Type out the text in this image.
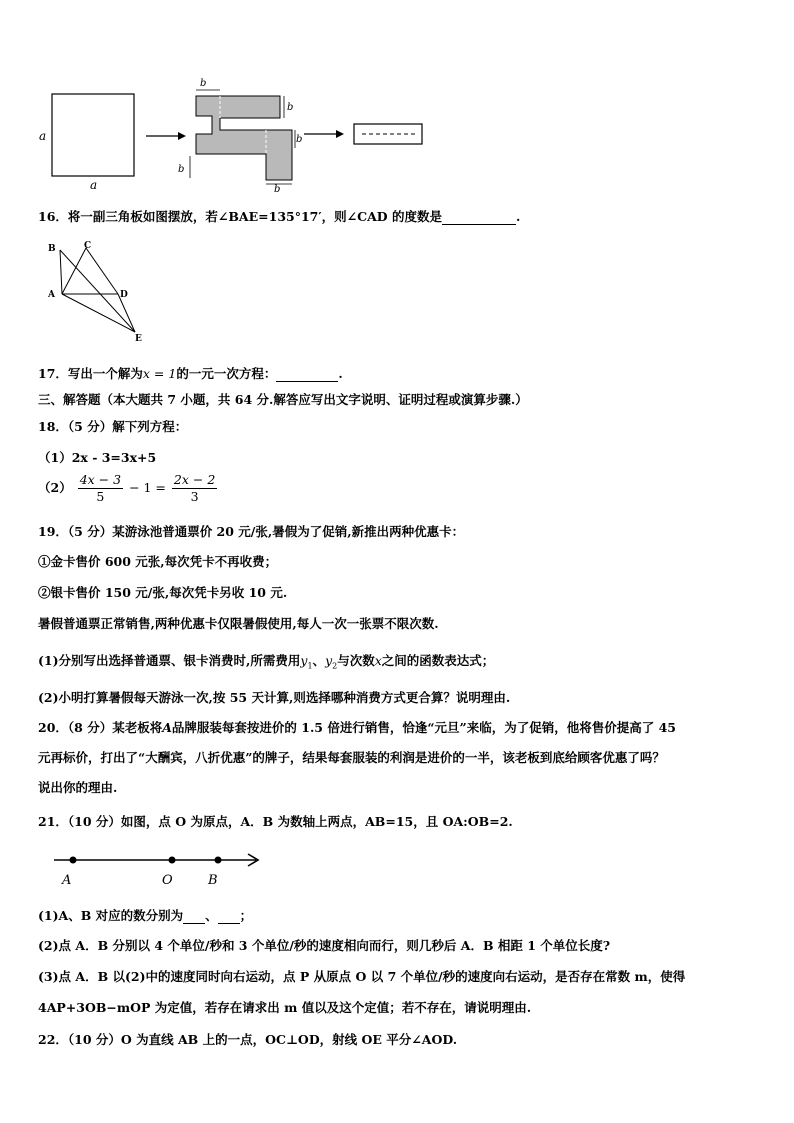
a
a
b
b
b
b
b
16．将一副三角板如图摆放，若∠BAE=135°17′，则∠CAD 的度数是	.
B	C
A	D
E
17．写出一个解为x = 1的一元一次方程：	.
三、解答题（本大题共 7 小题，共 64 分.解答应写出文字说明、证明过程或演算步骤.）
18．（5 分）解下列方程：
（1）2x - 3=3x+5
$(2) \frac{4x - 3}{5} - 1 = \frac{2x - 2}{3}$
19．（5 分）某游泳池普通票价 20 元/张,暑假为了促销,新推出两种优惠卡：
①金卡售价 600 元张,每次凭卡不再收费；
②银卡售价 150 元/张,每次凭卡另收 10 元.
暑假普通票正常销售,两种优惠卡仅限暑假使用,每人一次一张票不限次数.
(1)分别写出选择普通票、银卡消费时,所需费用$y_1$、$y_2$与次数x之间的函数表达式；
(2)小明打算暑假每天游泳一次,按 55 天计算,则选择哪种消费方式更合算？说明理由.
20．（8 分）某老板将A品牌服装每套按进价的 1.5 倍进行销售，恰逢“元旦”来临，为了促销，他将售价提高了 45
元再标价，打出了“大酬宾，八折优惠”的牌子，结果每套服装的利润是进价的一半，该老板到底给顾客优惠了吗？
说出你的理由.
21．（10 分）如图，点 O 为原点，A．B 为数轴上两点，AB=15，且 OA:OB=2.
A	O	B
(1)A、B 对应的数分别为 、 ；
(2)点 A．B 分别以 4 个单位/秒和 3 个单位/秒的速度相向而行，则几秒后 A．B 相距 1 个单位长度?
(3)点 A．B 以(2)中的速度同时向右运动，点 P 从原点 O 以 7 个单位/秒的速度向右运动，是否存在常数 m，使得
4AP+3OB−mOP 为定值，若存在请求出 m 值以及这个定值；若不存在，请说明理由.
22．（10 分）O 为直线 AB 上的一点，OC⊥OD，射线 OE 平分∠AOD.
